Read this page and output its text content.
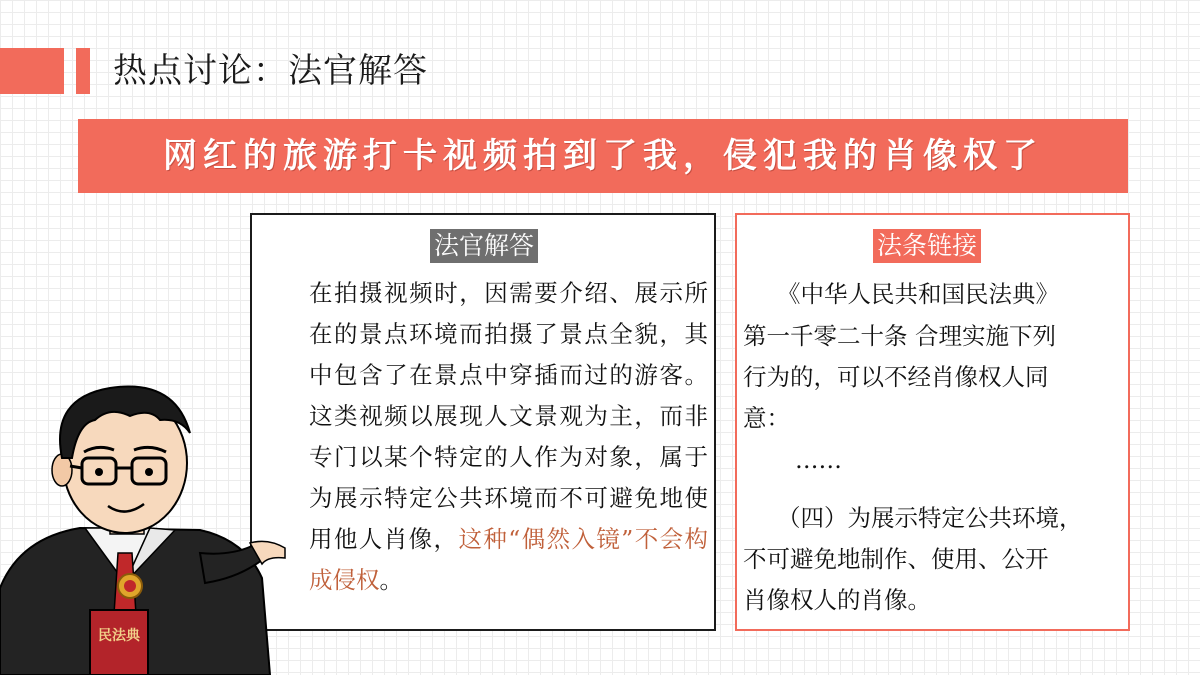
热点讨论：法官解答
网红的旅游打卡视频拍到了我，侵犯我的肖像权了
法官解答
在拍摄视频时，因需要介绍、展示所在的景点环境而拍摄了景点全貌，其中包含了在景点中穿插而过的游客。这类视频以展现人文景观为主，而非专门以某个特定的人作为对象，属于为展示特定公共环境而不可避免地使用他人肖像，这种“偶然入镜”不会构成侵权。
法条链接
《中华人民共和国民法典》
第一千零二十条 合理实施下列
行为的，可以不经肖像权人同
意：
……
（四）为展示特定公共环境，
不可避免地制作、使用、公开
肖像权人的肖像。
民法典
